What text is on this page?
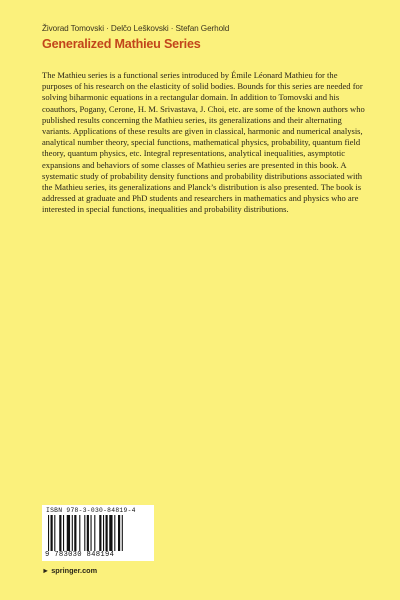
Živorad Tomovski · Delčo Leškovski · Stefan Gerhold
Generalized Mathieu Series

The Mathieu series is a functional series introduced by Émile Léonard Mathieu for the purposes of his research on the elasticity of solid bodies. Bounds for this series are needed for solving biharmonic equations in a rectangular domain. In addition to Tomovski and his coauthors, Pogany, Cerone, H. M. Srivastava, J. Choi, etc. are some of the known authors who published results concerning the Mathieu series, its generalizations and their alternating variants. Applications of these results are given in classical, harmonic and numerical analysis, analytical number theory, special functions, mathematical physics, probability, quantum field theory, quantum physics, etc. Integral representations, analytical inequalities, asymptotic expansions and behaviors of some classes of Mathieu series are presented in this book. A systematic study of probability density functions and probability distributions associated with the Mathieu series, its generalizations and Planck’s distribution is also presented. The book is addressed at graduate and PhD students and researchers in mathematics and physics who are interested in special functions, inequalities and probability distributions.

ISBN 978-3-030-84819-4
9 783030 848194
► springer.com
